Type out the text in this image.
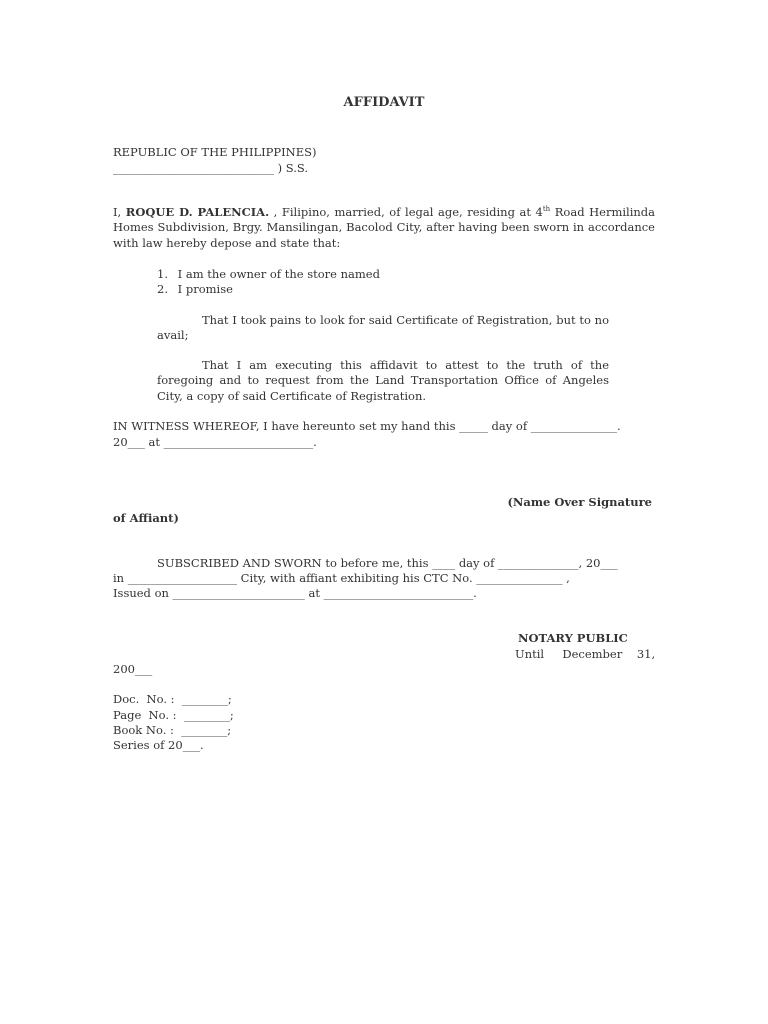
AFFIDAVIT
REPUBLIC OF THE PHILIPPINES)
____________________________ ) S.S.
I, ROQUE D. PALENCIA. , Filipino, married, of legal age, residing at 4th Road Hermilinda Homes Subdivision, Brgy. Mansilingan, Bacolod City, after having been sworn in accordance with law hereby depose and state that:
1. I am the owner of the store named
2. I promise
That I took pains to look for said Certificate of Registration, but to no avail;
That I am executing this affidavit to attest to the truth of the foregoing and to request from the Land Transportation Office of Angeles City, a copy of said Certificate of Registration.
IN WITNESS WHEREOF, I have hereunto set my hand this _____ day of _______________.
20___ at __________________________.
(Name Over Signature
of Affiant)
SUBSCRIBED AND SWORN to before me, this ____ day of ______________, 20___
in ___________________ City, with affiant exhibiting his CTC No. _______________ ,
Issued on _______________________ at __________________________.
NOTARY PUBLIC
Until     December    31,
200___
Doc.  No. :  ________;
Page  No. :  ________;
Book No. :  ________;
Series of 20___.
